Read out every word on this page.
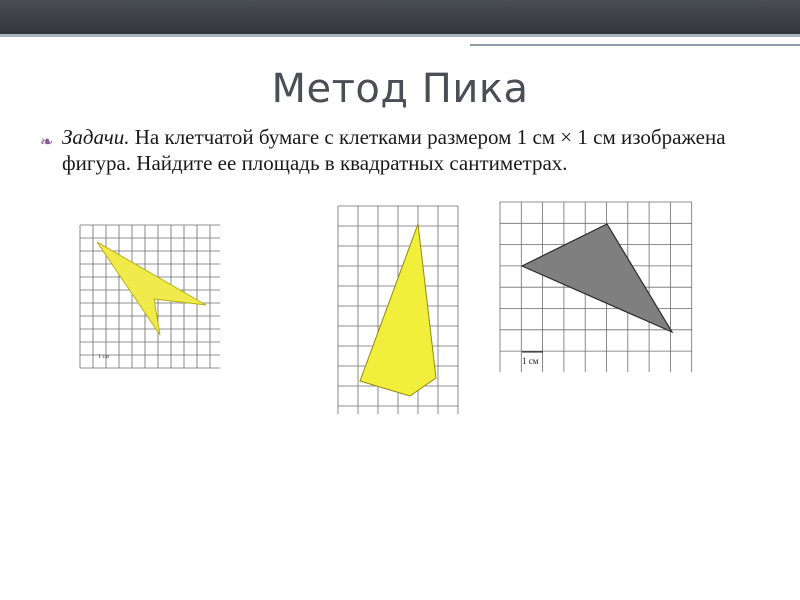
Метод Пика
❧ Задачи. На клетчатой бумаге с клетками размером 1 см × 1 см изображена фигура. Найдите ее площадь в квадратных сантиметрах.
1 см	1 см
